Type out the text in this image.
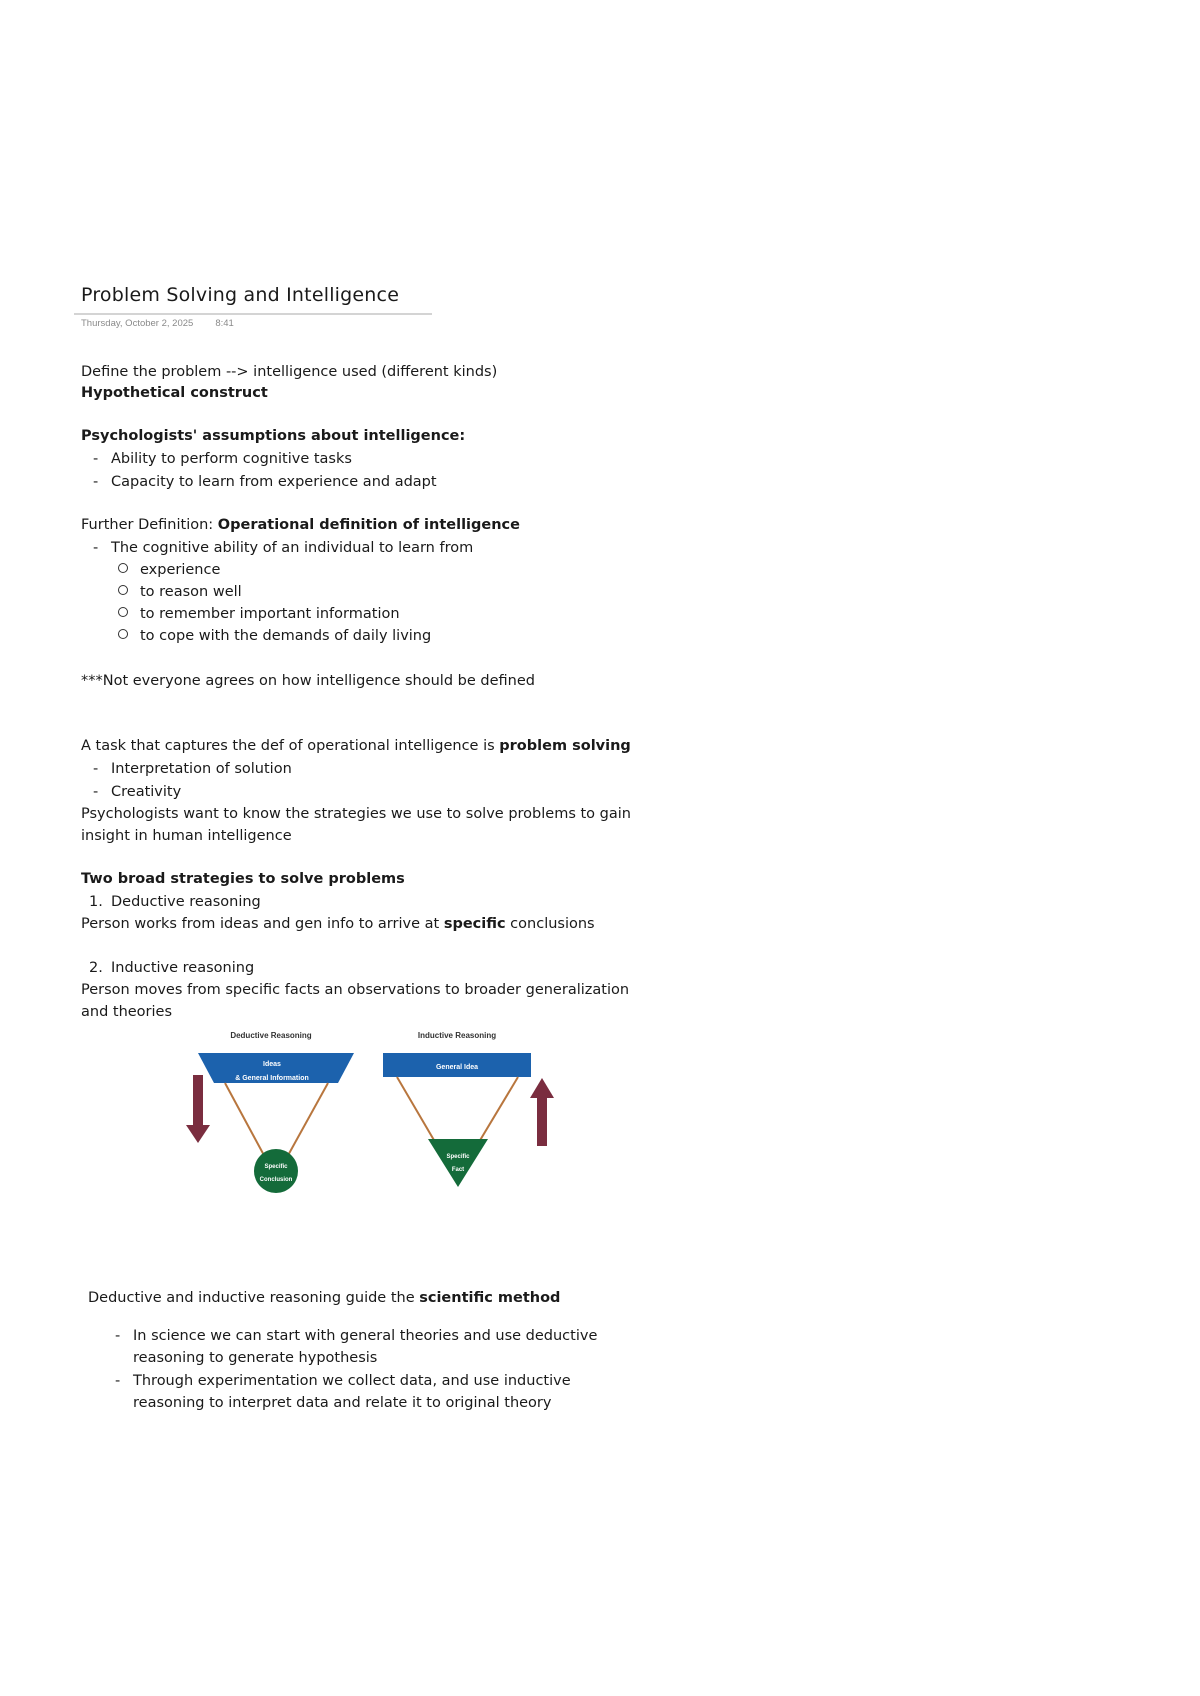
Problem Solving and Intelligence
Thursday, October 2, 2025 8:41
Define the problem --> intelligence used (different kinds)
Hypothetical construct
Psychologists' assumptions about intelligence:
- Ability to perform cognitive tasks
- Capacity to learn from experience and adapt
Further Definition: Operational definition of intelligence
- The cognitive ability of an individual to learn from
experience
to reason well
to remember important information
to cope with the demands of daily living
***Not everyone agrees on how intelligence should be defined
A task that captures the def of operational intelligence is problem solving
- Interpretation of solution
- Creativity
Psychologists want to know the strategies we use to solve problems to gain
insight in human intelligence
Two broad strategies to solve problems
1. Deductive reasoning
Person works from ideas and gen info to arrive at specific conclusions
2. Inductive reasoning
Person moves from specific facts an observations to broader generalization
and theories
Deductive Reasoning
Ideas
& General Information
Specific
Conclusion
Inductive Reasoning
General Idea
Specific
Fact
Deductive and inductive reasoning guide the scientific method
- In science we can start with general theories and use deductive
reasoning to generate hypothesis
- Through experimentation we collect data, and use inductive
reasoning to interpret data and relate it to original theory
